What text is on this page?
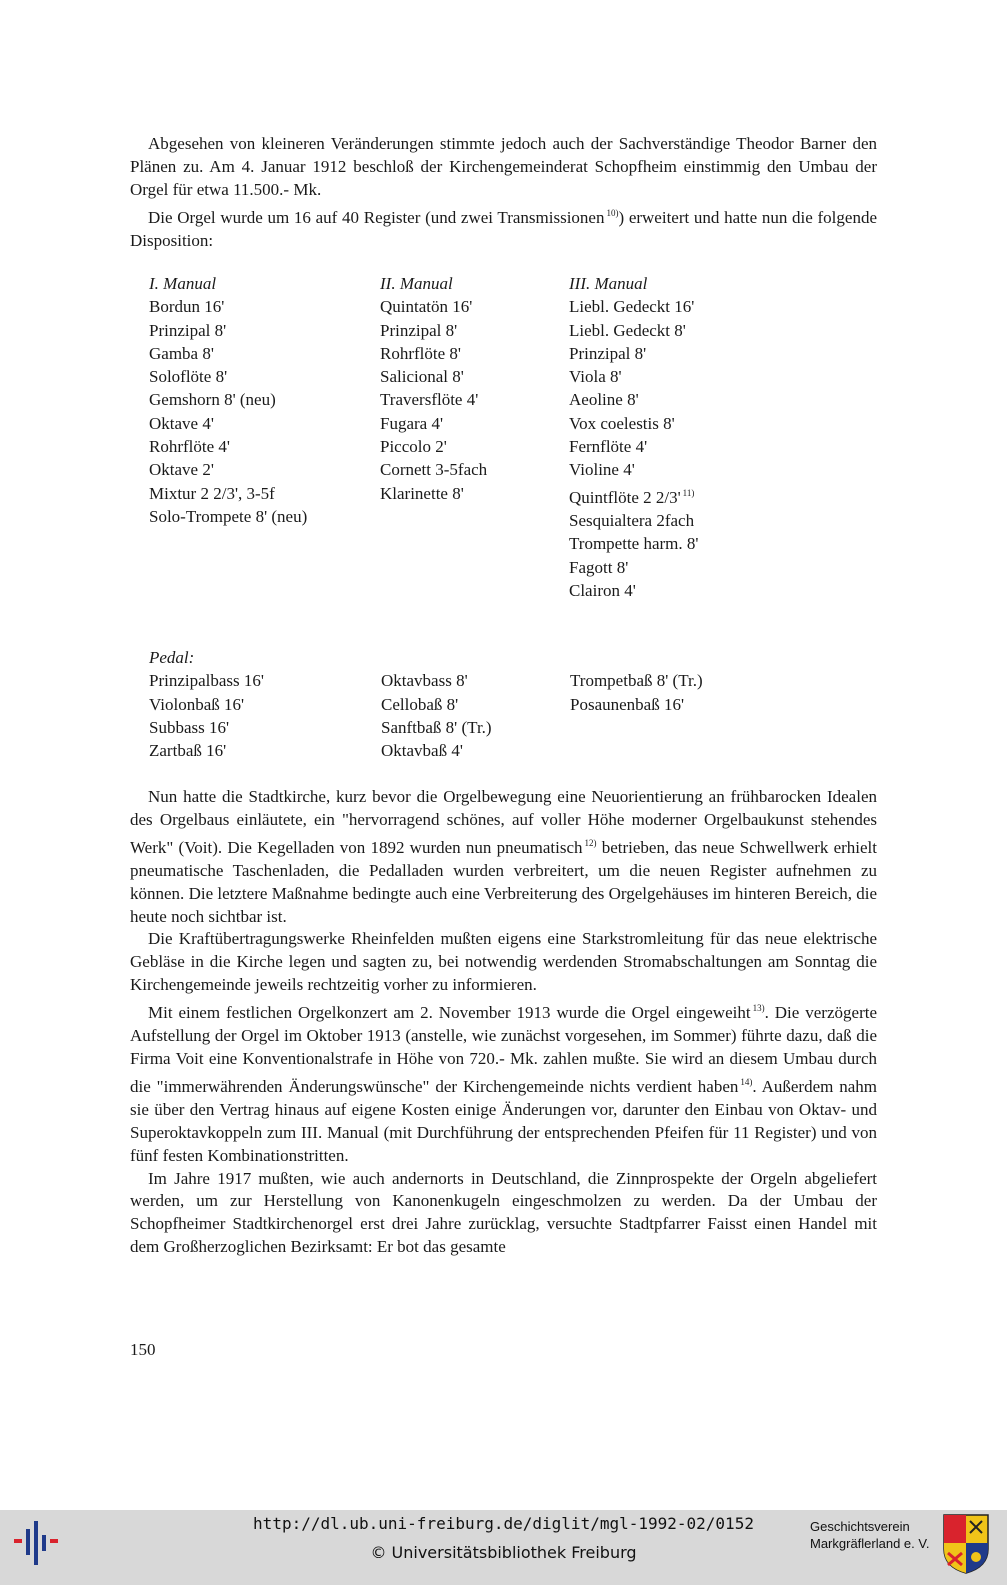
Abgesehen von kleineren Veränderungen stimmte jedoch auch der Sachverständige Theodor Barner den Plänen zu. Am 4. Januar 1912 beschloß der Kirchengemeinderat Schopfheim einstimmig den Umbau der Orgel für etwa 11.500.- Mk.

Die Orgel wurde um 16 auf 40 Register (und zwei Transmissionen $^{10)}$) erweitert und hatte nun die folgende Disposition:

I. Manual
Bordun 16'
Prinzipal 8'
Gamba 8'
Soloflöte 8'
Gemshorn 8' (neu)
Oktave 4'
Rohrflöte 4'
Oktave 2'
Mixtur 2 2/3', 3-5f
Solo-Trompete 8' (neu)
II. Manual
Quintatön 16'
Prinzipal 8'
Rohrflöte 8'
Salicional 8'
Traversflöte 4'
Fugara 4'
Piccolo 2'
Cornett 3-5fach
Klarinette 8'
III. Manual
Liebl. Gedeckt 16'
Liebl. Gedeckt 8'
Prinzipal 8'
Viola 8'
Aeoline 8'
Vox coelestis 8'
Fernflöte 4'
Violine 4'
Quintflöte 2 2/3' $^{11)}$
Sesquialtera 2fach
Trompette harm. 8'
Fagott 8'
Clairon 4'
Pedal:
Prinzipalbass 16'
Violonbaß 16'
Subbass 16'
Zartbaß 16'
Oktavbass 8'
Cellobaß 8'
Sanftbaß 8' (Tr.)
Oktavbaß 4'
Trompetbaß 8' (Tr.)
Posaunenbaß 16'

Nun hatte die Stadtkirche, kurz bevor die Orgelbewegung eine Neuorientierung an frühbarocken Idealen des Orgelbaus einläutete, ein "hervorragend schönes, auf voller Höhe moderner Orgelbaukunst stehendes Werk" (Voit). Die Kegelladen von 1892 wurden nun pneumatisch $^{12)}$ betrieben, das neue Schwellwerk erhielt pneumatische Taschenladen, die Pedalladen wurden verbreitert, um die neuen Register aufnehmen zu können. Die letztere Maßnahme bedingte auch eine Verbreiterung des Orgelgehäuses im hinteren Bereich, die heute noch sichtbar ist.

Die Kraftübertragungswerke Rheinfelden mußten eigens eine Starkstromleitung für das neue elektrische Gebläse in die Kirche legen und sagten zu, bei notwendig werdenden Stromabschaltungen am Sonntag die Kirchengemeinde jeweils rechtzeitig vorher zu informieren.

Mit einem festlichen Orgelkonzert am 2. November 1913 wurde die Orgel eingeweiht $^{13)}$. Die verzögerte Aufstellung der Orgel im Oktober 1913 (anstelle, wie zunächst vorgesehen, im Sommer) führte dazu, daß die Firma Voit eine Konventionalstrafe in Höhe von 720.- Mk. zahlen mußte. Sie wird an diesem Umbau durch die "immerwährenden Änderungswünsche" der Kirchengemeinde nichts verdient haben $^{14)}$. Außerdem nahm sie über den Vertrag hinaus auf eigene Kosten einige Änderungen vor, darunter den Einbau von Oktav- und Superoktavkoppeln zum III. Manual (mit Durchführung der entsprechenden Pfeifen für 11 Register) und von fünf festen Kombinationstritten.

Im Jahre 1917 mußten, wie auch andernorts in Deutschland, die Zinnprospekte der Orgeln abgeliefert werden, um zur Herstellung von Kanonenkugeln eingeschmolzen zu werden. Da der Umbau der Schopfheimer Stadtkirchenorgel erst drei Jahre zurücklag, versuchte Stadtpfarrer Faisst einen Handel mit dem Großherzoglichen Bezirksamt: Er bot das gesamte

150
http://dl.ub.uni-freiburg.de/diglit/mgl-1992-02/0152
© Universitätsbibliothek Freiburg
Geschichtsverein
Markgräflerland e. V.
